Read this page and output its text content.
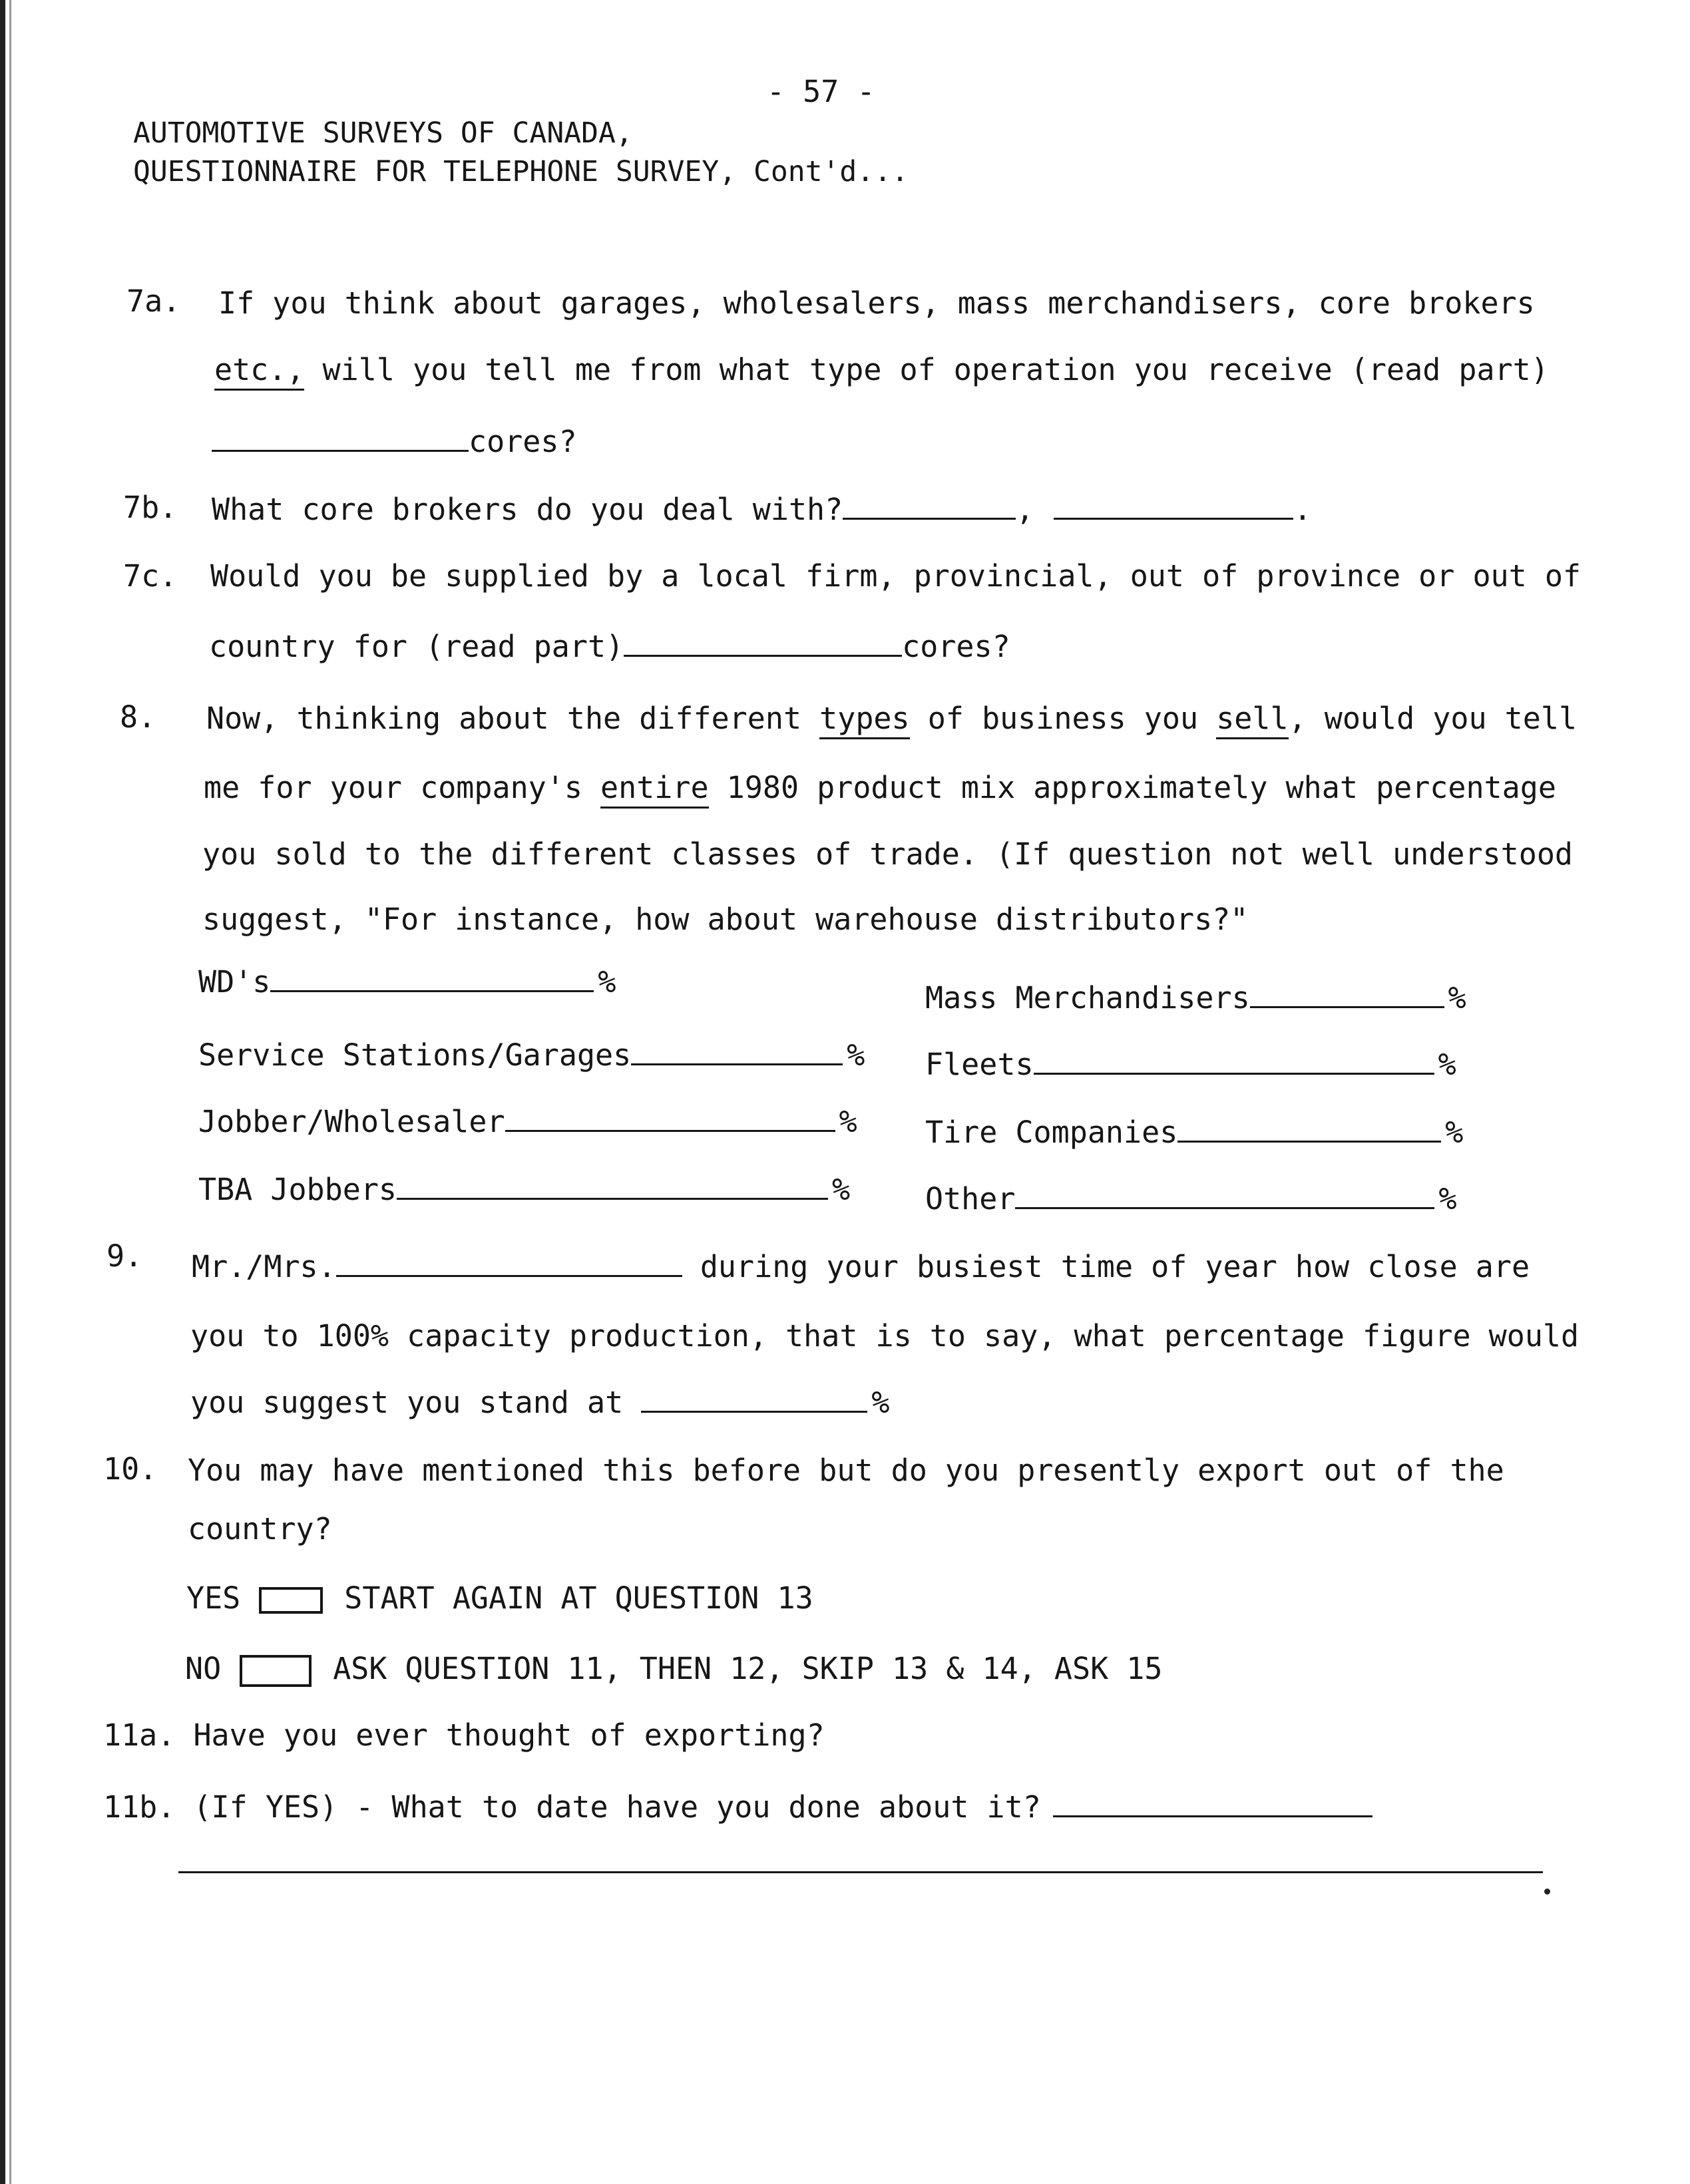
- 57 -
AUTOMOTIVE SURVEYS OF CANADA,
QUESTIONNAIRE FOR TELEPHONE SURVEY, Cont'd...
7a. If you think about garages, wholesalers, mass merchandisers, core brokers
etc., will you tell me from what type of operation you receive (read part)
cores?
7b. What core brokers do you deal with?	,	.
7c. Would you be supplied by a local firm, provincial, out of province or out of
country for (read part)	cores?
8. Now, thinking about the different types of business you sell, would you tell
me for your company's entire 1980 product mix approximately what percentage
you sold to the different classes of trade. (If question not well understood
suggest, "For instance, how about warehouse distributors?"
WD's	%
Service Stations/Garages	%
Jobber/Wholesaler	%
TBA Jobbers	%
Mass Merchandisers	%
Fleets	%
Tire Companies	%
Other	%
9. Mr./Mrs.	during your busiest time of year how close are
you to 100% capacity production, that is to say, what percentage figure would
you suggest you stand at	%
10. You may have mentioned this before but do you presently export out of the
country?
YES	START AGAIN AT QUESTION 13
NO	ASK QUESTION 11, THEN 12, SKIP 13 & 14, ASK 15
11a. Have you ever thought of exporting?
11b. (If YES) - What to date have you done about it?
